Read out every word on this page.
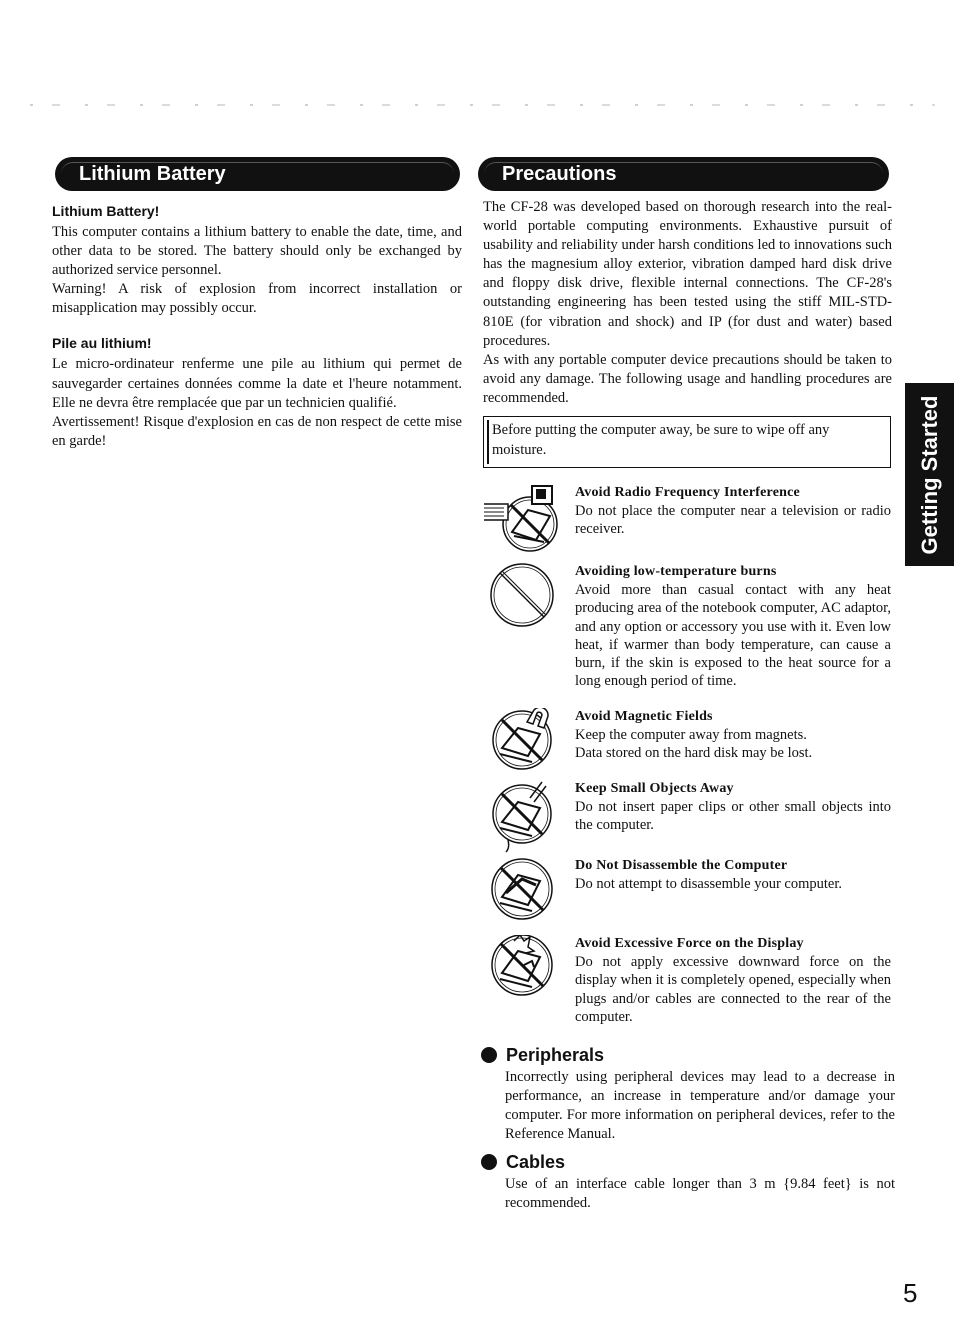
Lithium Battery	Precautions

Lithium Battery!

This computer contains a lithium battery to enable the date, time, and other data to be stored. The battery should only be exchanged by authorized service personnel.

Warning! A risk of explosion from incorrect installation or misapplication may possibly occur.

Pile au lithium!

Le micro-ordinateur renferme une pile au lithium qui permet de sauvegarder certaines données comme la date et l'heure notamment. Elle ne devra être remplacée que par un technicien qualifié.

Avertissement! Risque d'explosion en cas de non respect de cette mise en garde!

The CF-28 was developed based on thorough research into the real-world portable computing environments. Exhaustive pursuit of usability and reliability under harsh conditions led to innovations such has the magnesium alloy exterior, vibration damped hard disk drive and floppy disk drive, flexible internal connections. The CF-28's outstanding engineering has been tested using the stiff MIL-STD- 810E (for vibration and shock) and IP (for dust and water) based procedures.

As with any portable computer device precautions should be taken to avoid any damage. The following usage and handling procedures are recommended.

Before putting the computer away, be sure to wipe off any moisture.

Avoid Radio Frequency Interference

Do not place the computer near a television or radio receiver.

Avoiding low-temperature burns

Avoid more than casual contact with any heat producing area of the notebook computer, AC adaptor, and any option or accessory you use with it. Even low heat, if warmer than body temperature, can cause a burn, if the skin is exposed to the heat source for a long enough period of time.

Avoid Magnetic Fields

Keep the computer away from magnets.
Data stored on the hard disk may be lost.

Keep Small Objects Away

Do not insert paper clips or other small objects into the computer.

Do Not Disassemble the Computer

Do not attempt to disassemble your computer.

Avoid Excessive Force on the Display

Do not apply excessive downward force on the display when it is completely opened, especially when plugs and/or cables are connected to the rear of the computer.

Peripherals

Incorrectly using peripheral devices may lead to a decrease in performance, an increase in temperature and/or damage your computer. For more information on peripheral devices, refer to the Reference Manual.

Cables

Use of an interface cable longer than 3 m {9.84 feet} is not recommended.

Getting Started
5
